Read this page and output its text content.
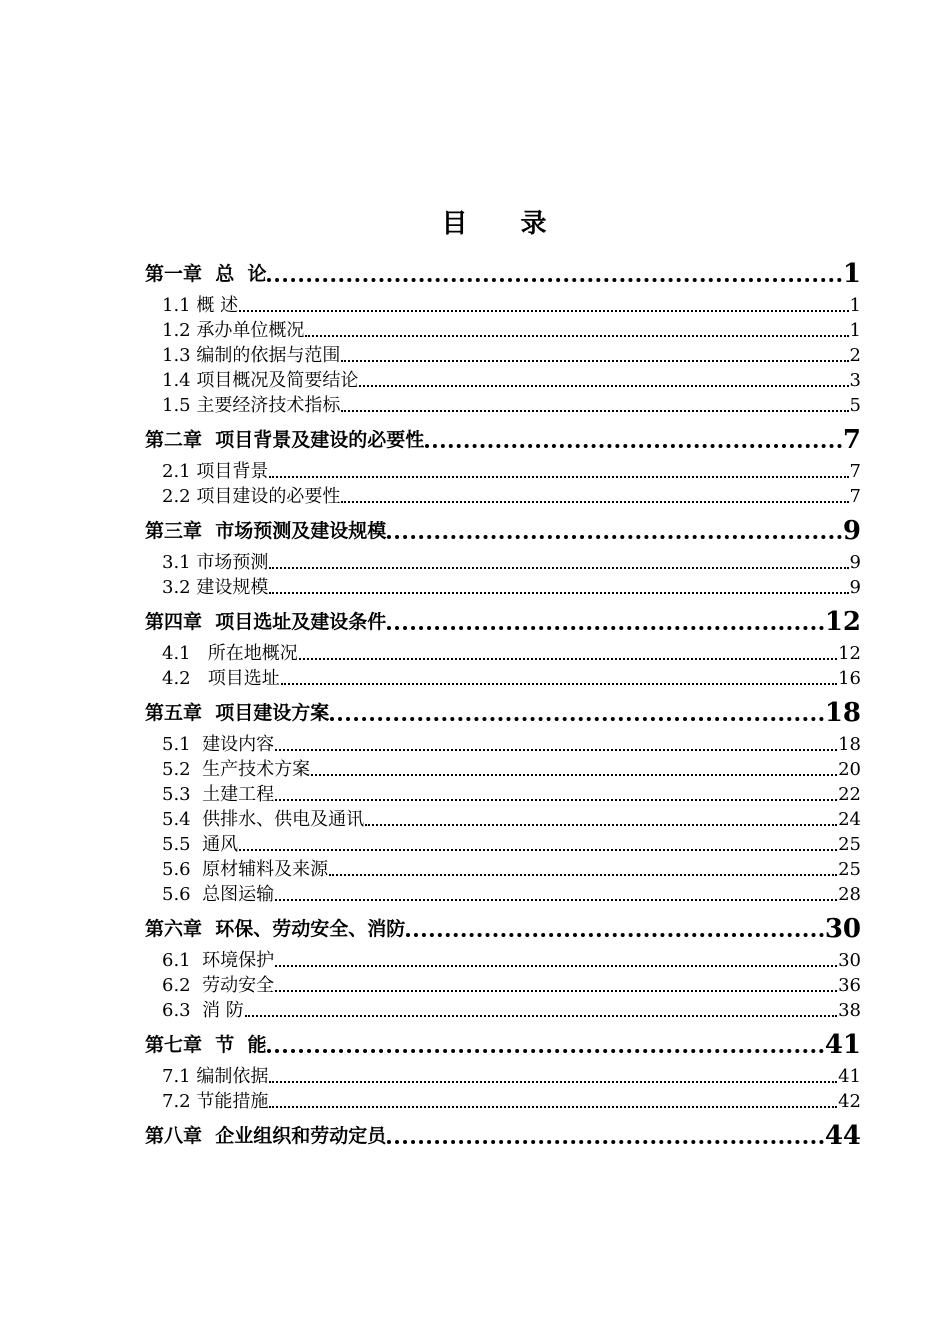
目 录
第一章  总  论	1
1.1 概 述	1
1.2 承办单位概况	1
1.3 编制的依据与范围	2
1.4 项目概况及简要结论	3
1.5 主要经济技术指标	5
第二章  项目背景及建设的必要性	7
2.1 项目背景	7
2.2 项目建设的必要性	7
第三章  市场预测及建设规模	9
3.1 市场预测	9
3.2 建设规模	9
第四章  项目选址及建设条件	12
4.1   所在地概况	12
4.2   项目选址	16
第五章  项目建设方案	18
5.1  建设内容	18
5.2  生产技术方案	20
5.3  土建工程	22
5.4  供排水、供电及通讯	24
5.5  通风	25
5.6  原材辅料及来源	25
5.6  总图运输	28
第六章  环保、劳动安全、消防	30
6.1  环境保护	30
6.2  劳动安全	36
6.3  消 防	38
第七章  节  能	41
7.1 编制依据	41
7.2 节能措施	42
第八章  企业组织和劳动定员	44
